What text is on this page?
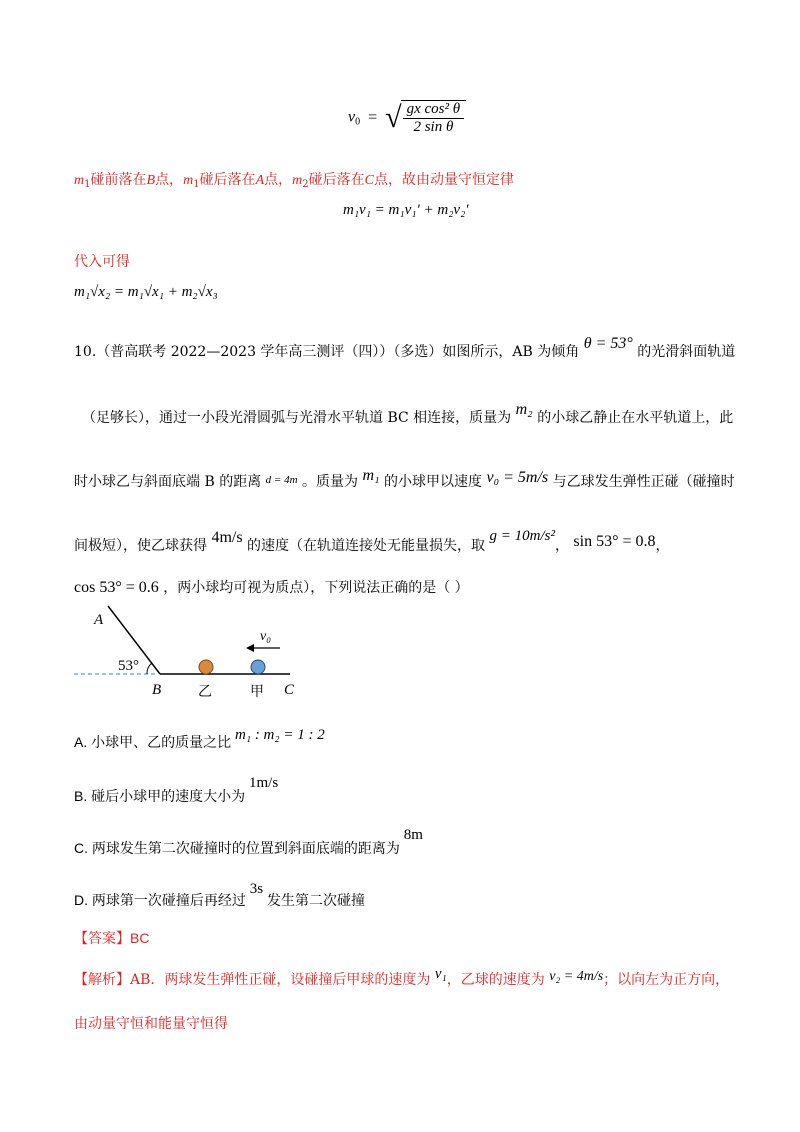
$v_0$ = √ $\frac{\text{gx cos² θ}}{\text{2 sin θ}}$
$m_1$碰前落在B点，$m_1$碰后落在A点，$m_2$碰后落在C点，故由动量守恒定律
m₁v₁ = m₁v₁′ + m₂v₂′
代入可得
m₁√x₂ = m₁√x₁ + m₂√x₃
10.（普高联考 2022—2023 学年高三测评（四））（多选）如图所示，AB 为倾角 θ = 53° 的光滑斜面轨道
（足够长），通过一小段光滑圆弧与光滑水平轨道 BC 相连接，质量为 m₂ 的小球乙静止在水平轨道上，此
时小球乙与斜面底端 B 的距离 $^{d = 4m}$ 。质量为 m₁ 的小球甲以速度 v₀ = 5m/s 与乙球发生弹性正碰（碰撞时
间极短），使乙球获得 4m/s 的速度（在轨道连接处无能量损失，取 g = 10m/s²， sin 53° = 0.8，
cos 53° = 0.6 ，两小球均可视为质点），下列说法正确的是（ ）
A
53°
B	乙	甲 C
v₀
A. 小球甲、乙的质量之比 m₁ : m₂ = 1 : 2
B. 碰后小球甲的速度大小为 1m/s
C. 两球发生第二次碰撞时的位置到斜面底端的距离为 8m
D. 两球第一次碰撞后再经过 3s 发生第二次碰撞
【答案】BC
【解析】AB．两球发生弹性正碰，设碰撞后甲球的速度为 v₁，乙球的速度为 v₂ = 4m/s；以向左为正方向，
由动量守恒和能量守恒得
